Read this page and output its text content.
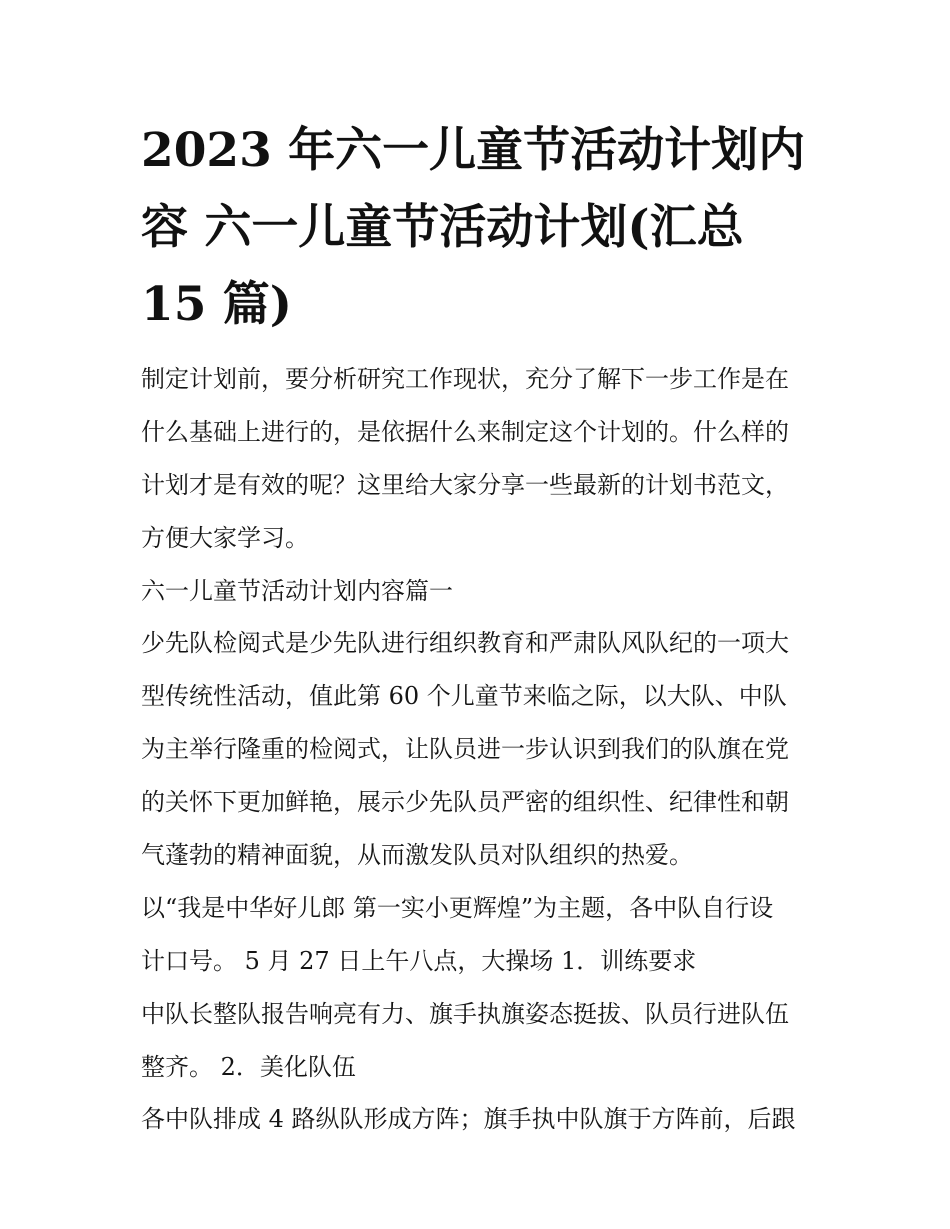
2023 年六一儿童节活动计划内
容 六一儿童节活动计划(汇总
15 篇)
制定计划前，要分析研究工作现状，充分了解下一步工作是在
什么基础上进行的，是依据什么来制定这个计划的。什么样的
计划才是有效的呢？这里给大家分享一些最新的计划书范文，
方便大家学习。
六一儿童节活动计划内容篇一
少先队检阅式是少先队进行组织教育和严肃队风队纪的一项大
型传统性活动，值此第 60 个儿童节来临之际，以大队、中队
为主举行隆重的检阅式，让队员进一步认识到我们的队旗在党
的关怀下更加鲜艳，展示少先队员严密的组织性、纪律性和朝
气蓬勃的精神面貌，从而激发队员对队组织的热爱。
以“我是中华好儿郎 第一实小更辉煌”为主题，各中队自行设
计口号。 5 月 27 日上午八点，大操场 1．训练要求
中队长整队报告响亮有力、旗手执旗姿态挺拔、队员行进队伍
整齐。 2．美化队伍
各中队排成 4 路纵队形成方阵；旗手执中队旗于方阵前，后跟
